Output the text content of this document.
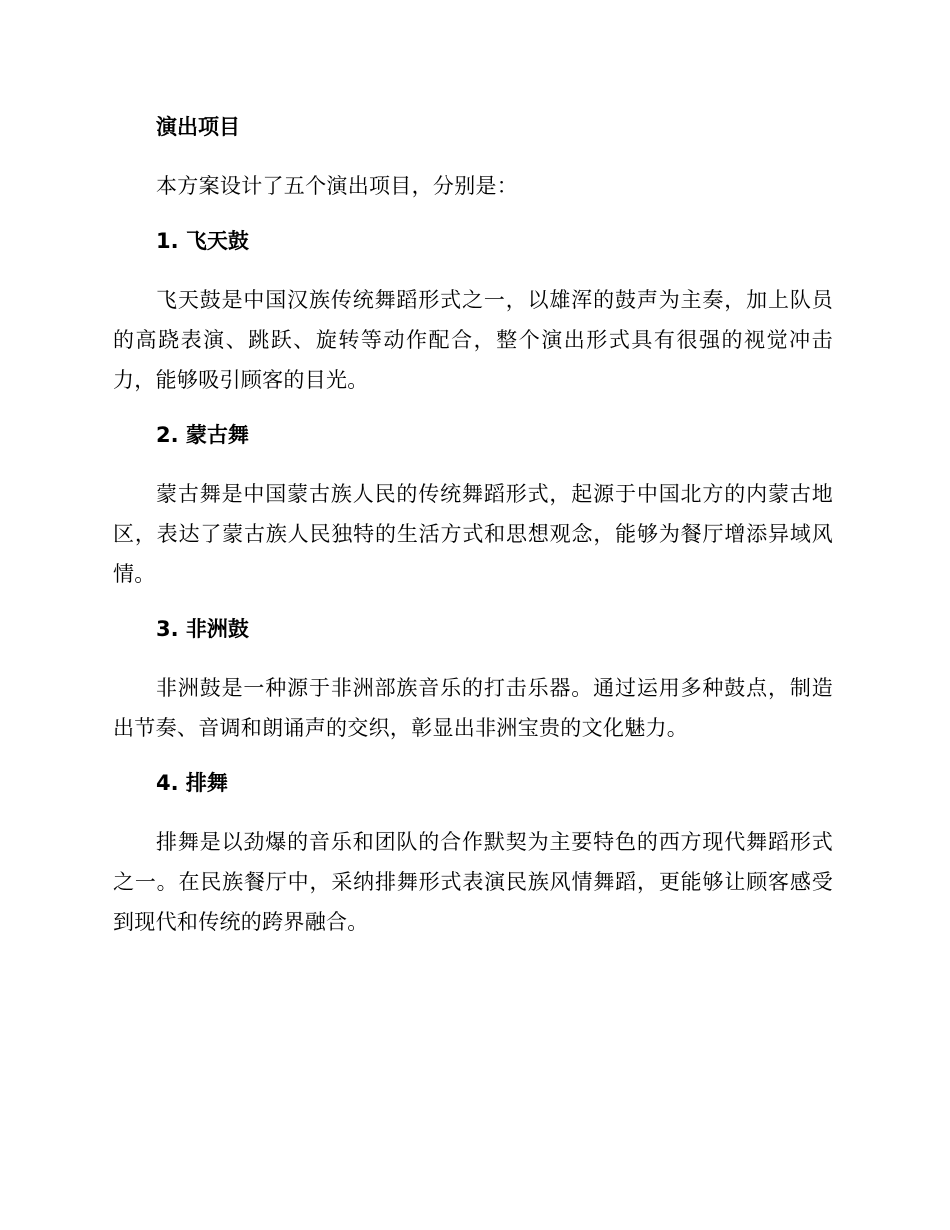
演出项目

本方案设计了五个演出项目，分别是：

1. 飞天鼓

飞天鼓是中国汉族传统舞蹈形式之一，以雄浑的鼓声为主奏，加上队员的高跷表演、跳跃、旋转等动作配合，整个演出形式具有很强的视觉冲击力，能够吸引顾客的目光。

2. 蒙古舞

蒙古舞是中国蒙古族人民的传统舞蹈形式，起源于中国北方的内蒙古地区，表达了蒙古族人民独特的生活方式和思想观念，能够为餐厅增添异域风情。

3. 非洲鼓

非洲鼓是一种源于非洲部族音乐的打击乐器。通过运用多种鼓点，制造出节奏、音调和朗诵声的交织，彰显出非洲宝贵的文化魅力。

4. 排舞

排舞是以劲爆的音乐和团队的合作默契为主要特色的西方现代舞蹈形式之一。在民族餐厅中，采纳排舞形式表演民族风情舞蹈，更能够让顾客感受到现代和传统的跨界融合。
